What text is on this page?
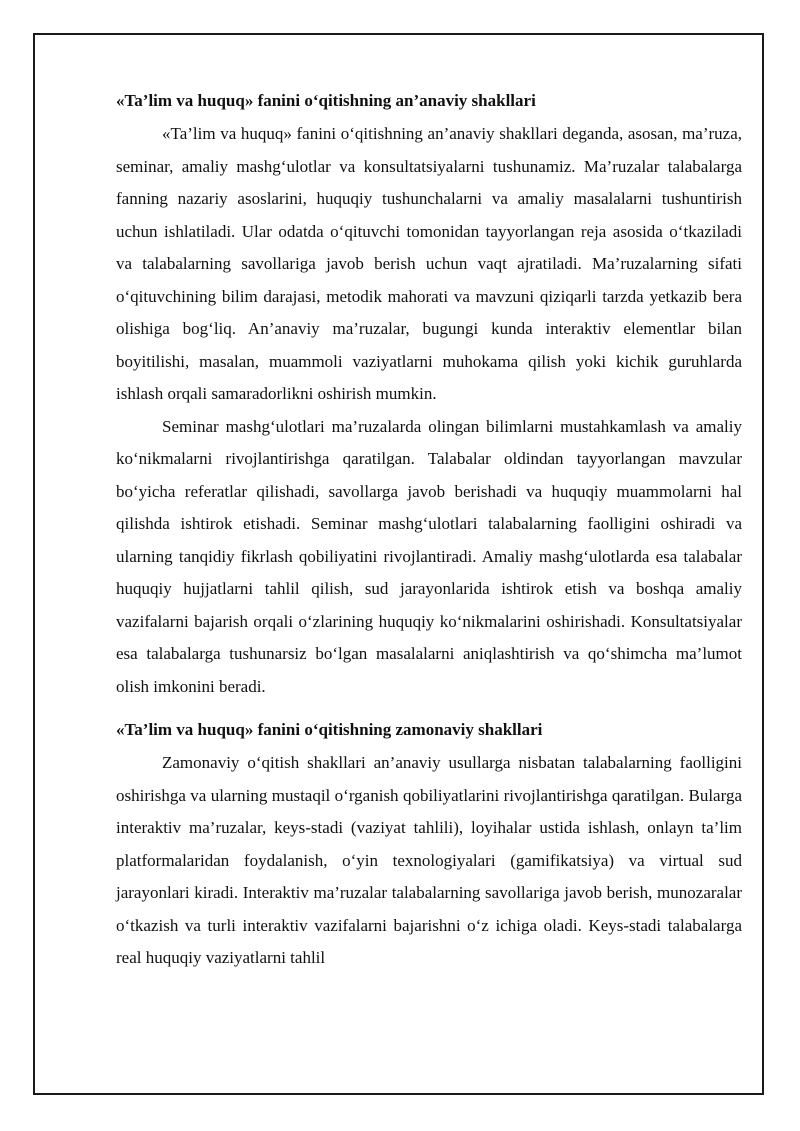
«Ta’lim va huquq» fanini o‘qitishning an’anaviy shakllari

«Ta’lim va huquq» fanini o‘qitishning an’anaviy shakllari deganda, asosan, ma’ruza, seminar, amaliy mashg‘ulotlar va konsultatsiyalarni tushunamiz. Ma’ruzalar talabalarga fanning nazariy asoslarini, huquqiy tushunchalarni va amaliy masalalarni tushuntirish uchun ishlatiladi. Ular odatda o‘qituvchi tomonidan tayyorlangan reja asosida o‘tkaziladi va talabalarning savollariga javob berish uchun vaqt ajratiladi. Ma’ruzalarning sifati o‘qituvchining bilim darajasi, metodik mahorati va mavzuni qiziqarli tarzda yetkazib bera olishiga bog‘liq. An’anaviy ma’ruzalar, bugungi kunda interaktiv elementlar bilan boyitilishi, masalan, muammoli vaziyatlarni muhokama qilish yoki kichik guruhlarda ishlash orqali samaradorlikni oshirish mumkin.

Seminar mashg‘ulotlari ma’ruzalarda olingan bilimlarni mustahkamlash va amaliy ko‘nikmalarni rivojlantirishga qaratilgan. Talabalar oldindan tayyorlangan mavzular bo‘yicha referatlar qilishadi, savollarga javob berishadi va huquqiy muammolarni hal qilishda ishtirok etishadi. Seminar mashg‘ulotlari talabalarning faolligini oshiradi va ularning tanqidiy fikrlash qobiliyatini rivojlantiradi. Amaliy mashg‘ulotlarda esa talabalar huquqiy hujjatlarni tahlil qilish, sud jarayonlarida ishtirok etish va boshqa amaliy vazifalarni bajarish orqali o‘zlarining huquqiy ko‘nikmalarini oshirishadi. Konsultatsiyalar esa talabalarga tushunarsiz bo‘lgan masalalarni aniqlashtirish va qo‘shimcha ma’lumot olish imkonini beradi.

«Ta’lim va huquq» fanini o‘qitishning zamonaviy shakllari

Zamonaviy o‘qitish shakllari an’anaviy usullarga nisbatan talabalarning faolligini oshirishga va ularning mustaqil o‘rganish qobiliyatlarini rivojlantirishga qaratilgan. Bularga interaktiv ma’ruzalar, keys-stadi (vaziyat tahlili), loyihalar ustida ishlash, onlayn ta’lim platformalaridan foydalanish, o‘yin texnologiyalari (gamifikatsiya) va virtual sud jarayonlari kiradi. Interaktiv ma’ruzalar talabalarning savollariga javob berish, munozaralar o‘tkazish va turli interaktiv vazifalarni bajarishni o‘z ichiga oladi. Keys-stadi talabalarga real huquqiy vaziyatlarni tahlil
